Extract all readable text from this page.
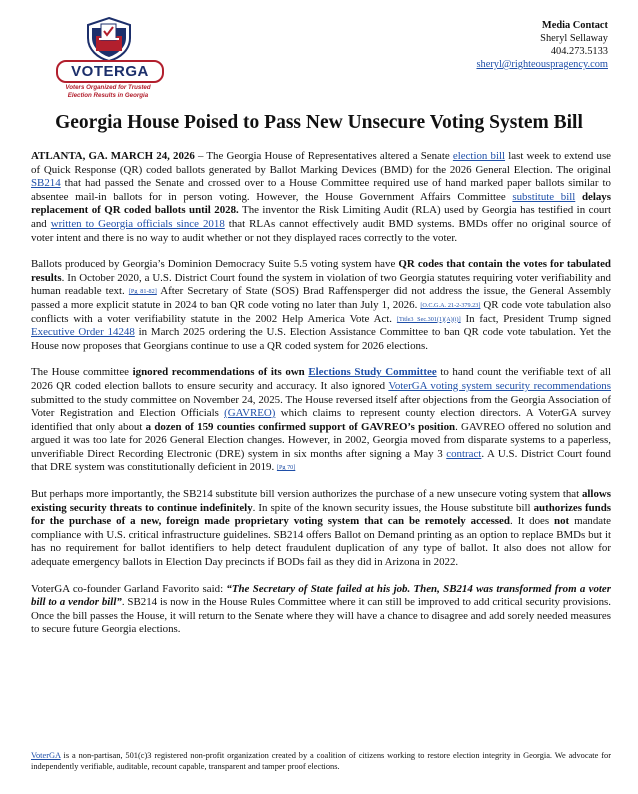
VOTERGA
Voters Organized for Trusted
Election Results in Georgia
Media Contact
Sheryl Sellaway
404.273.5133
sheryl@righteouspragency.com
Georgia House Poised to Pass New Unsecure Voting System Bill

ATLANTA, GA. MARCH 24, 2026 – The Georgia House of Representatives altered a Senate election bill last week to extend use of Quick Response (QR) coded ballots generated by Ballot Marking Devices (BMD) for the 2026 General Election. The original SB214 that had passed the Senate and crossed over to a House Committee required use of hand marked paper ballots similar to absentee mail-in ballots for in person voting. However, the House Government Affairs Committee substitute bill delays replacement of QR coded ballots until 2028. The inventor the Risk Limiting Audit (RLA) used by Georgia has testified in court and written to Georgia officials since 2018 that RLAs cannot effectively audit BMD systems. BMDs offer no original source of voter intent and there is no way to audit whether or not they displayed races correctly to the voter.

Ballots produced by Georgia’s Dominion Democracy Suite 5.5 voting system have QR codes that contain the votes for tabulated results. In October 2020, a U.S. District Court found the system in violation of two Georgia statutes requiring voter verifiability and human readable text. [Pg 81-82] After Secretary of State (SOS) Brad Raffensperger did not address the issue, the General Assembly passed a more explicit statute in 2024 to ban QR code voting no later than July 1, 2026. [O.C.G.A. 21-2-379.23] QR code vote tabulation also conflicts with a voter verifiability statute in the 2002 Help America Vote Act. [Title3 Sec.301(1)(A)(i)] In fact, President Trump signed Executive Order 14248 in March 2025 ordering the U.S. Election Assistance Committee to ban QR code vote tabulation. Yet the House now proposes that Georgians continue to use a QR coded system for 2026 elections.

The House committee ignored recommendations of its own Elections Study Committee to hand count the verifiable text of all 2026 QR coded election ballots to ensure security and accuracy. It also ignored VoterGA voting system security recommendations submitted to the study committee on November 24, 2025. The House reversed itself after objections from the Georgia Association of Voter Registration and Election Officials (GAVREO) which claims to represent county election directors. A VoterGA survey identified that only about a dozen of 159 counties confirmed support of GAVREO’s position. GAVREO offered no solution and argued it was too late for 2026 General Election changes. However, in 2002, Georgia moved from disparate systems to a paperless, unverifiable Direct Recording Electronic (DRE) system in six months after signing a May 3 contract. A U.S. District Court found that DRE system was constitutionally deficient in 2019. [Pg 70]

But perhaps more importantly, the SB214 substitute bill version authorizes the purchase of a new unsecure voting system that allows existing security threats to continue indefinitely. In spite of the known security issues, the House substitute bill authorizes funds for the purchase of a new, foreign made proprietary voting system that can be remotely accessed. It does not mandate compliance with U.S. critical infrastructure guidelines. SB214 offers Ballot on Demand printing as an option to replace BMDs but it has no requirement for ballot identifiers to help detect fraudulent duplication of any type of ballot. It also does not allow for adequate emergency ballots in Election Day precincts if BODs fail as they did in Arizona in 2022.

VoterGA co-founder Garland Favorito said: “The Secretary of State failed at his job. Then, SB214 was transformed from a voter bill to a vendor bill”. SB214 is now in the House Rules Committee where it can still be improved to add critical security provisions. Once the bill passes the House, it will return to the Senate where they will have a chance to disagree and add sorely needed measures to secure future Georgia elections.

VoterGA is a non-partisan, 501(c)3 registered non-profit organization created by a coalition of citizens working to restore election integrity in Georgia. We advocate for independently verifiable, auditable, recount capable, transparent and tamper proof elections.
